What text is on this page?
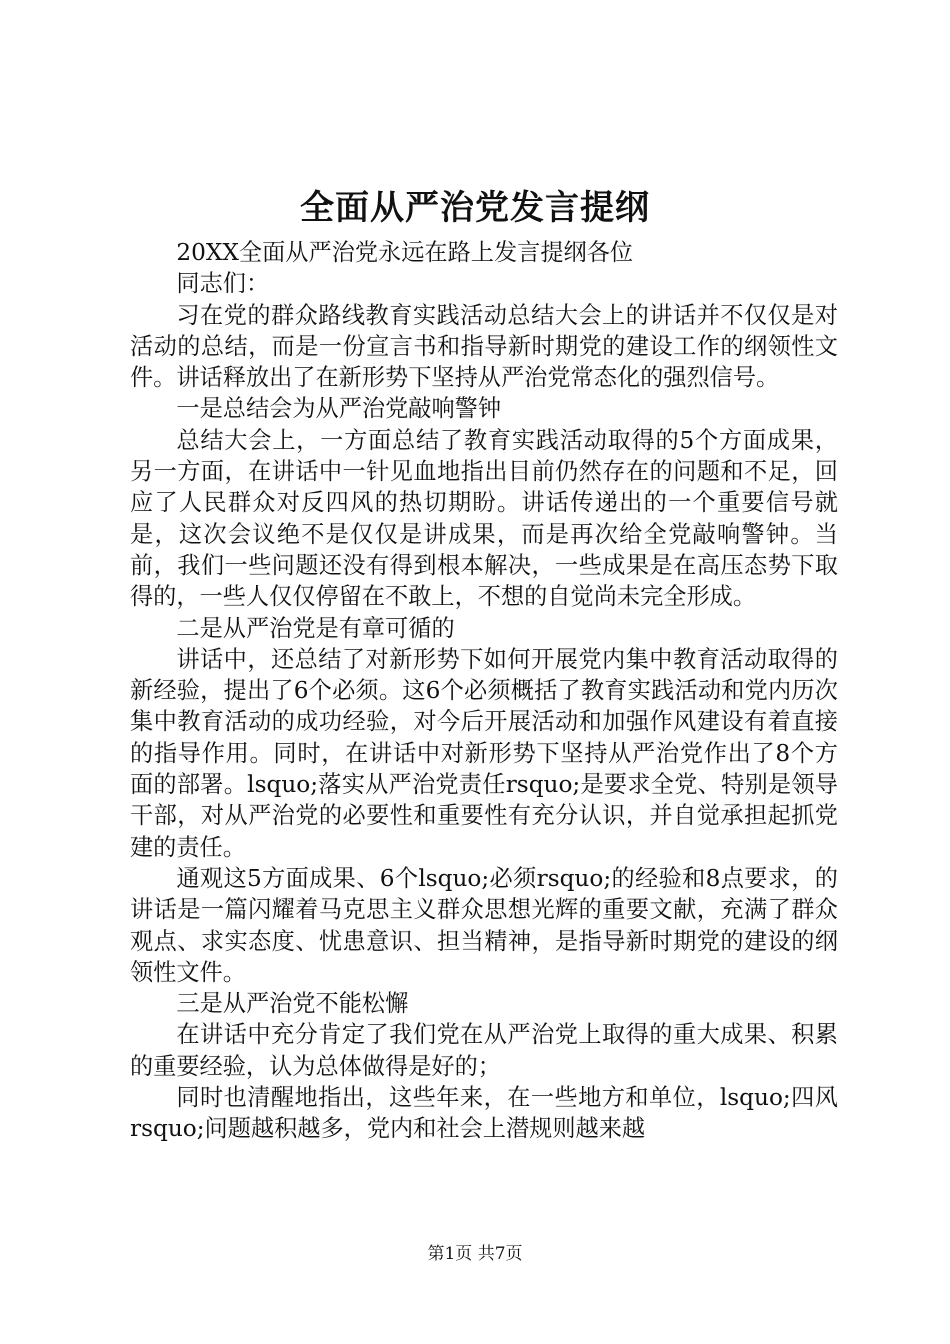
全面从严治党发言提纲

20XX全面从严治党永远在路上发言提纲各位

同志们：

习在党的群众路线教育实践活动总结大会上的讲话并不仅仅是对活动的总结，而是一份宣言书和指导新时期党的建设工作的纲领性文件。讲话释放出了在新形势下坚持从严治党常态化的强烈信号。

一是总结会为从严治党敲响警钟

总结大会上，一方面总结了教育实践活动取得的5个方面成果，另一方面，在讲话中一针见血地指出目前仍然存在的问题和不足，回应了人民群众对反四风的热切期盼。讲话传递出的一个重要信号就是，这次会议绝不是仅仅是讲成果，而是再次给全党敲响警钟。当前，我们一些问题还没有得到根本解决，一些成果是在高压态势下取得的，一些人仅仅停留在不敢上，不想的自觉尚未完全形成。

二是从严治党是有章可循的

讲话中，还总结了对新形势下如何开展党内集中教育活动取得的新经验，提出了6个必须。这6个必须概括了教育实践活动和党内历次集中教育活动的成功经验，对今后开展活动和加强作风建设有着直接的指导作用。同时，在讲话中对新形势下坚持从严治党作出了8个方面的部署。lsquo;落实从严治党责任rsquo;是要求全党、特别是领导干部，对从严治党的必要性和重要性有充分认识，并自觉承担起抓党建的责任。

通观这5方面成果、6个lsquo;必须rsquo;的经验和8点要求，的讲话是一篇闪耀着马克思主义群众思想光辉的重要文献，充满了群众观点、求实态度、忧患意识、担当精神，是指导新时期党的建设的纲领性文件。

三是从严治党不能松懈

在讲话中充分肯定了我们党在从严治党上取得的重大成果、积累的重要经验，认为总体做得是好的；

同时也清醒地指出，这些年来，在一些地方和单位，lsquo;四风rsquo;问题越积越多，党内和社会上潜规则越来越

第1页 共7页
